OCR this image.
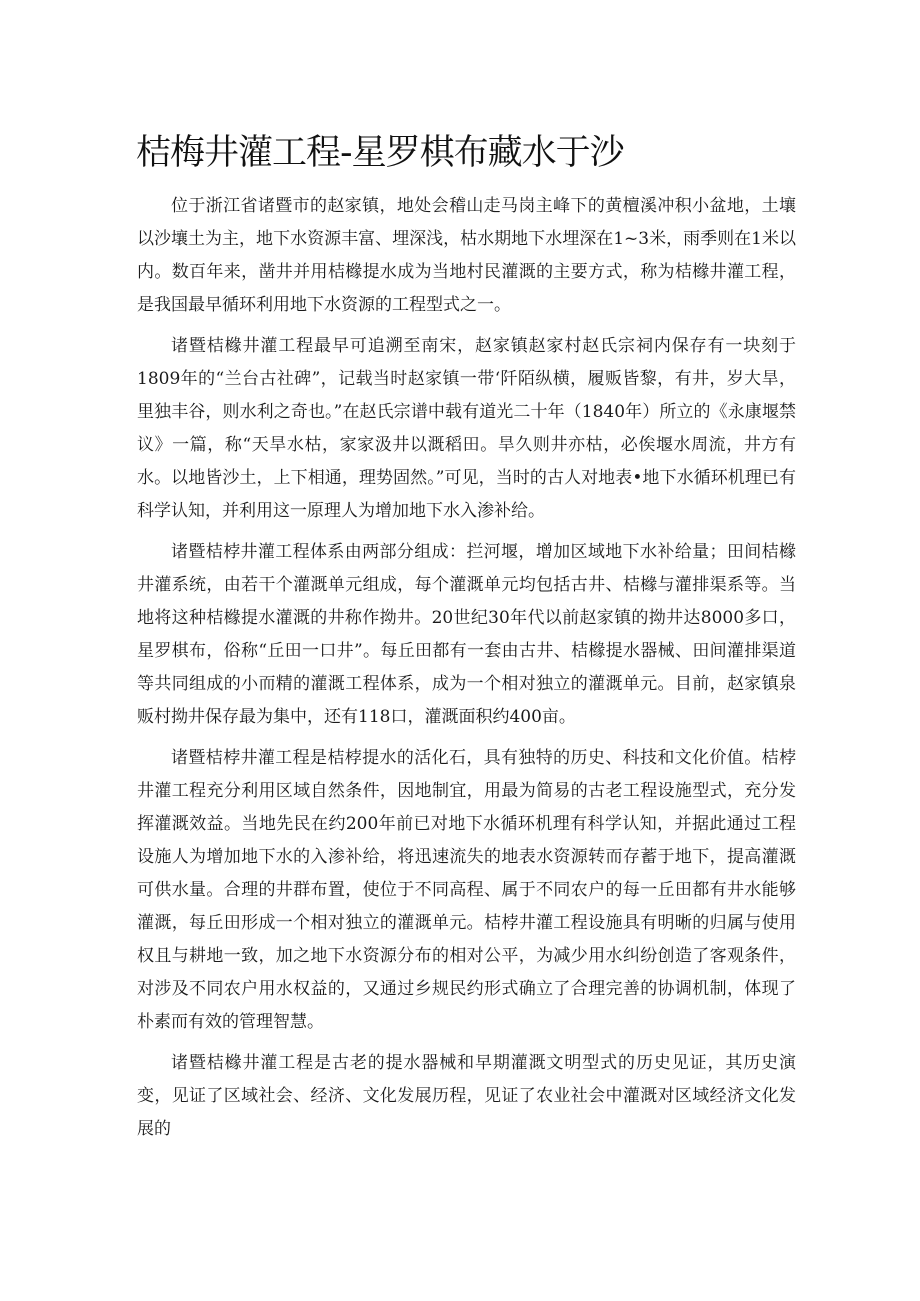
桔梅井灌工程-星罗棋布藏水于沙

位于浙江省诸暨市的赵家镇，地处会稽山走马岗主峰下的黄檀溪冲积小盆地，土壤以沙壤土为主，地下水资源丰富、埋深浅，枯水期地下水埋深在1~3米，雨季则在1米以内。数百年来，凿井并用桔橼提水成为当地村民灌溉的主要方式，称为桔橼井灌工程，是我国最早循环利用地下水资源的工程型式之一。

诸暨桔橼井灌工程最早可追溯至南宋，赵家镇赵家村赵氏宗祠内保存有一块刻于1809年的“兰台古社碑”，记载当时赵家镇一带‘阡陌纵横，履贩皆黎，有井，岁大旱，里独丰谷，则水利之奇也。”在赵氏宗谱中载有道光二十年（1840年）所立的《永康堰禁议》一篇，称“天旱水枯，家家汲井以溉稻田。旱久则井亦枯，必俟堰水周流，井方有水。以地皆沙土，上下相通，理势固然。”可见，当时的古人对地表•地下水循环机理已有科学认知，并利用这一原理人为增加地下水入渗补给。

诸暨桔桲井灌工程体系由两部分组成：拦河堰，增加区域地下水补给量；田间桔橼井灌系统，由若干个灌溉单元组成，每个灌溉单元均包括古井、桔橼与灌排渠系等。当地将这种桔橼提水灌溉的井称作拗井。20世纪30年代以前赵家镇的拗井达8000多口，星罗棋布，俗称“丘田一口井”。每丘田都有一套由古井、桔橼提水器械、田间灌排渠道等共同组成的小而精的灌溉工程体系，成为一个相对独立的灌溉单元。目前，赵家镇泉贩村拗井保存最为集中，还有118口，灌溉面积约400亩。

诸暨桔桲井灌工程是桔桲提水的活化石，具有独特的历史、科技和文化价值。桔桲井灌工程充分利用区域自然条件，因地制宜，用最为简易的古老工程设施型式，充分发挥灌溉效益。当地先民在约200年前已对地下水循环机理有科学认知，并据此通过工程设施人为增加地下水的入渗补给，将迅速流失的地表水资源转而存蓄于地下，提高灌溉可供水量。合理的井群布置，使位于不同高程、属于不同农户的每一丘田都有井水能够灌溉，每丘田形成一个相对独立的灌溉单元。桔桲井灌工程设施具有明晰的归属与使用权且与耕地一致，加之地下水资源分布的相对公平，为减少用水纠纷创造了客观条件，对涉及不同农户用水权益的，又通过乡规民约形式确立了合理完善的协调机制，体现了朴素而有效的管理智慧。

诸暨桔橼井灌工程是古老的提水器械和早期灌溉文明型式的历史见证，其历史演变，见证了区域社会、经济、文化发展历程，见证了农业社会中灌溉对区域经济文化发展的
